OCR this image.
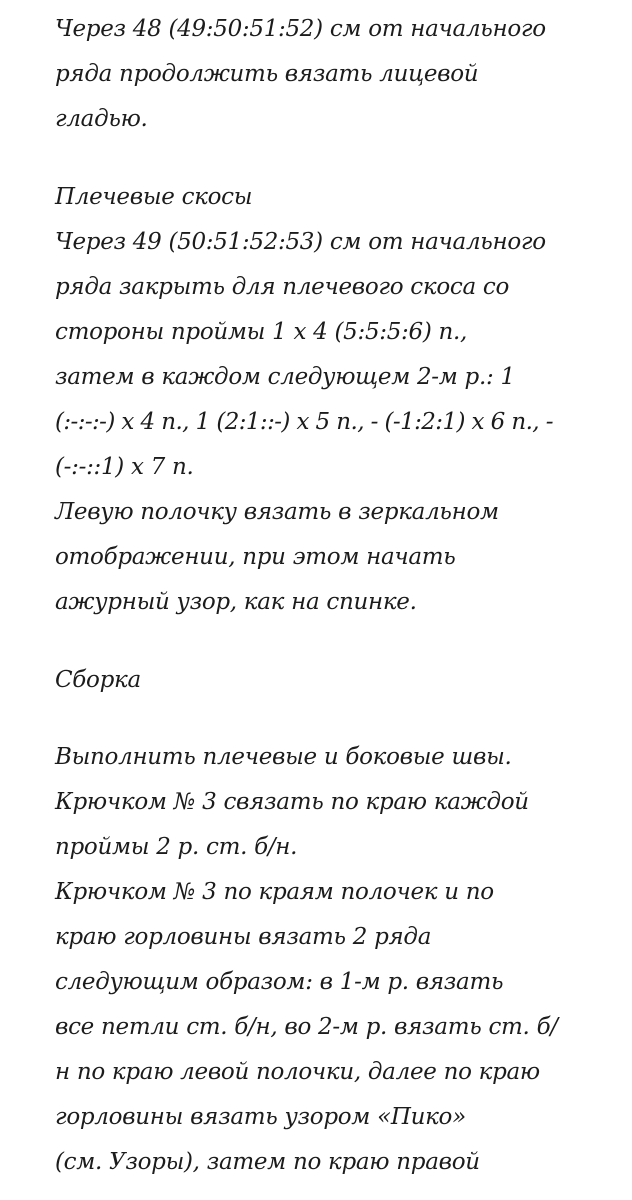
Через 48 (49:50:51:52) см от начального

ряда продолжить вязать лицевой

гладью.

Плечевые скосы

Через 49 (50:51:52:53) см от начального

ряда закрыть для плечевого скоса со

стороны проймы 1 х 4 (5:5:5:6) п.,

затем в каждом следующем 2-м р.: 1

(:-:-:-) х 4 п., 1 (2:1::-) х 5 п., - (-1:2:1) х 6 п., -

(-:-::1) х 7 п.

Левую полочку вязать в зеркальном

отображении, при этом начать

ажурный узор, как на спинке.

Сборка

Выполнить плечевые и боковые швы.

Крючком № 3 связать по краю каждой

проймы 2 р. ст. б/н.

Крючком № 3 по краям полочек и по

краю горловины вязать 2 ряда

следующим образом: в 1-м р. вязать

все петли ст. б/н, во 2-м р. вязать ст. б/

н по краю левой полочки, далее по краю

горловины вязать узором «Пико»

(см. Узоры), затем по краю правой
